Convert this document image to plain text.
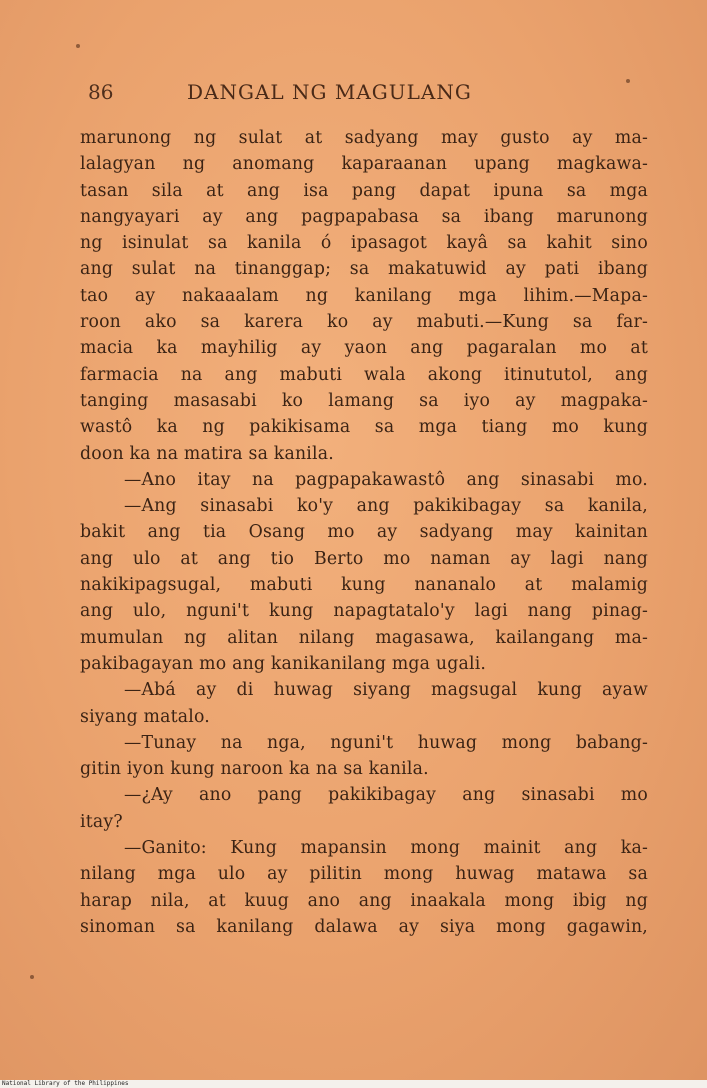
86	DANGAL NG MAGULANG
marunong ng sulat at sadyang may gusto ay ma-
lalagyan ng anomang kaparaanan upang magkawa-
tasan sila at ang isa pang dapat ipuna sa mga
nangyayari ay ang pagpapabasa sa ibang marunong
ng isinulat sa kanila ó ipasagot kayâ sa kahit sino
ang sulat na tinanggap; sa makatuwid ay pati ibang
tao ay nakaaalam ng kanilang mga lihim.—Mapa-
roon ako sa karera ko ay mabuti.—Kung sa far-
macia ka mayhilig ay yaon ang pagaralan mo at
farmacia na ang mabuti wala akong itinututol, ang
tanging masasabi ko lamang sa iyo ay magpaka-
wastô ka ng pakikisama sa mga tiang mo kung
doon ka na matira sa kanila.
—Ano itay na pagpapakawastô ang sinasabi mo.
—Ang sinasabi ko'y ang pakikibagay sa kanila,
bakit ang tia Osang mo ay sadyang may kainitan
ang ulo at ang tio Berto mo naman ay lagi nang
nakikipagsugal, mabuti kung nananalo at malamig
ang ulo, nguni't kung napagtatalo'y lagi nang pinag-
mumulan ng alitan nilang magasawa, kailangang ma-
pakibagayan mo ang kanikanilang mga ugali.
—Abá ay di huwag siyang magsugal kung ayaw
siyang matalo.
—Tunay na nga, nguni't huwag mong babang-
gitin iyon kung naroon ka na sa kanila.
—¿Ay ano pang pakikibagay ang sinasabi mo
itay?
—Ganito: Kung mapansin mong mainit ang ka-
nilang mga ulo ay pilitin mong huwag matawa sa
harap nila, at kuug ano ang inaakala mong ibig ng
sinoman sa kanilang dalawa ay siya mong gagawin,
National Library of the Philippines
